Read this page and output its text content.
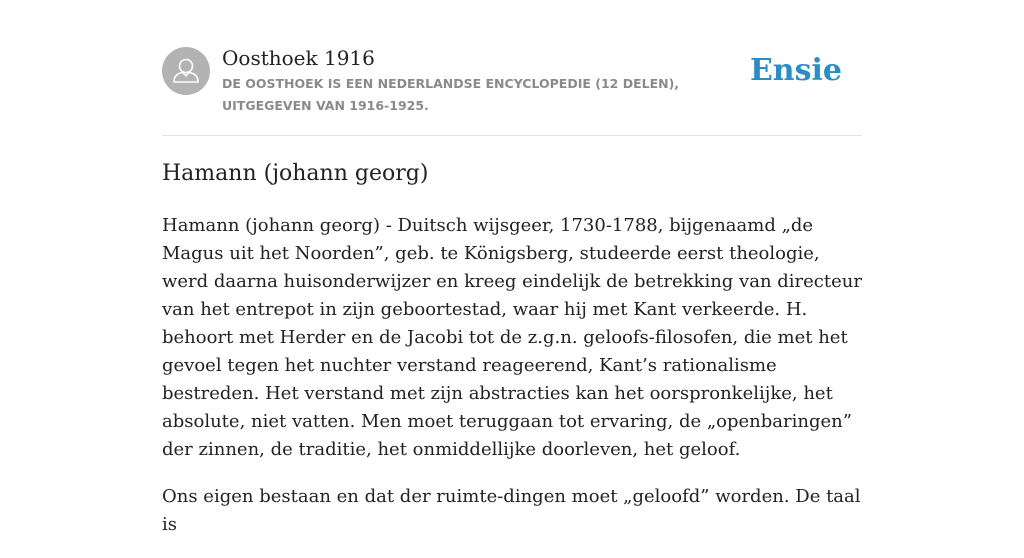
Oosthoek 1916
DE OOSTHOEK IS EEN NEDERLANDSE ENCYCLOPEDIE (12 DELEN), UITGEGEVEN VAN 1916-1925.
Ensie
Hamann (johann georg)

Hamann (johann georg) - Duitsch wijsgeer, 1730-1788, bijgenaamd „de Magus uit het Noorden”, geb. te Königsberg, studeerde eerst theologie, werd daarna huisonderwijzer en kreeg eindelijk de betrekking van directeur van het entrepot in zijn geboortestad, waar hij met Kant verkeerde. H. behoort met Herder en de Jacobi tot de z.g.n. geloofs-filosofen, die met het gevoel tegen het nuchter verstand reageerend, Kant’s rationalisme bestreden. Het verstand met zijn abstracties kan het oorspronkelijke, het absolute, niet vatten. Men moet teruggaan tot ervaring, de „openbaringen” der zinnen, de traditie, het onmiddellijke doorleven, het geloof.

Ons eigen bestaan en dat der ruimte-dingen moet „geloofd” worden. De taal is
